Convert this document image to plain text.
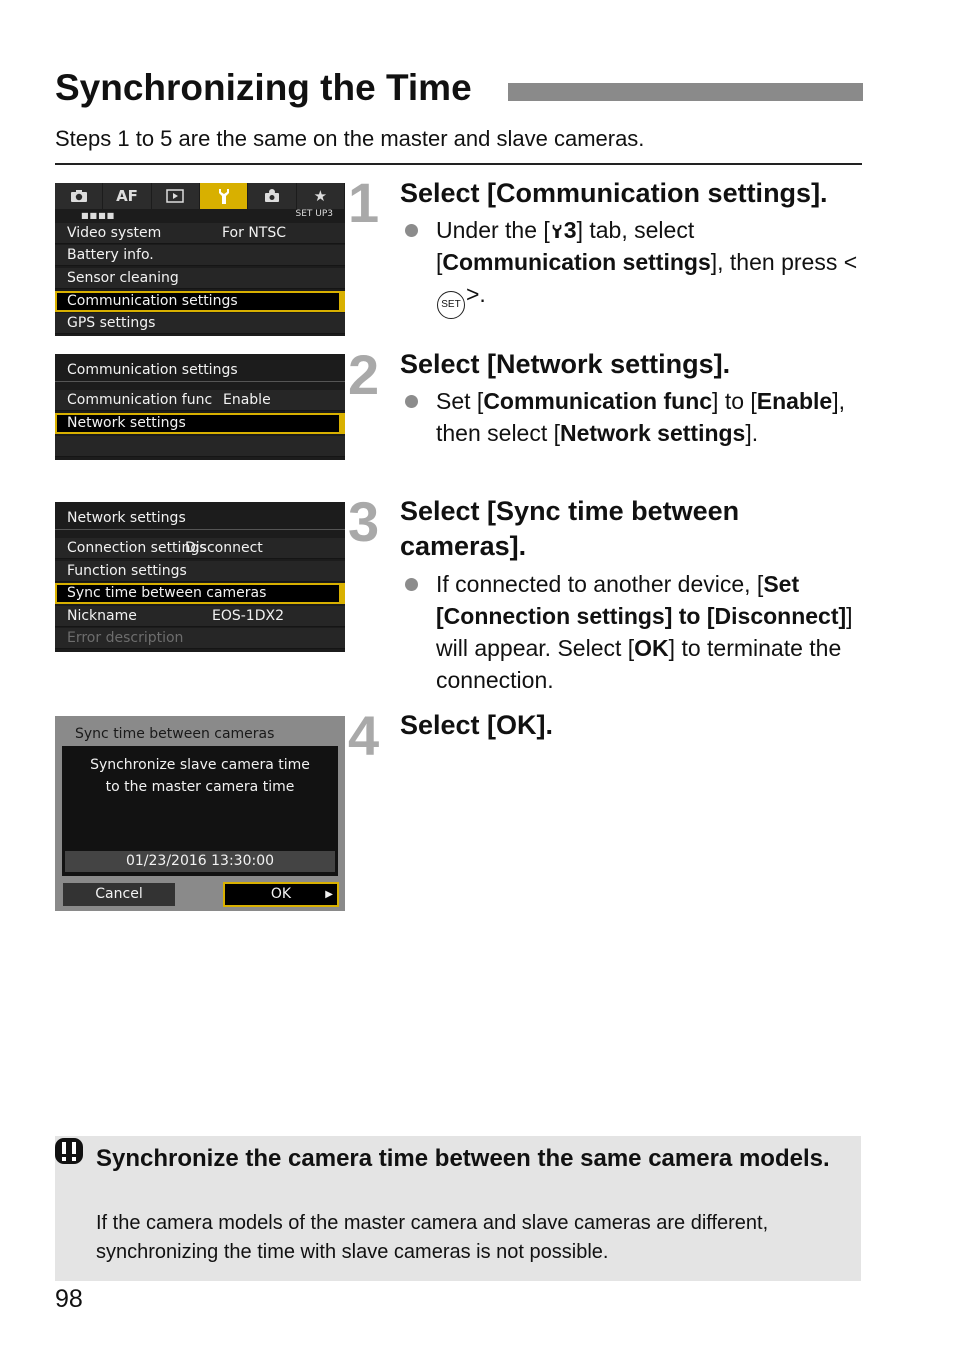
Synchronizing the Time
Steps 1 to 5 are the same on the master and slave cameras.
AF	★
■■■■	SET UP3
Video system	For NTSC
Battery info.
Sensor cleaning
Communication settings
GPS settings
Communication settings
Communication func Enable
Network settings
Network settings
Connection settings
Disconnect
Function settings
Sync time between cameras
Nickname	EOS-1DX2
Error description
Sync time between cameras
Synchronize slave camera time
to the master camera time
01/23/2016 13:30:00
Cancel	OK	▶
1 Select [Communication settings].
Under the [ 3] tab, select [Communication settings], then press <SET >.
2 Select [Network settings].
Set [Communication func] to [Enable], then select [Network settings].
3 Select [Sync time between cameras].
If connected to another device, [Set [Connection settings] to [Disconnect]] will appear. Select [OK] to terminate the connection.
4 Select [OK].
Synchronize the camera time between the same camera models.
If the camera models of the master camera and slave cameras are different, synchronizing the time with slave cameras is not possible.
98
